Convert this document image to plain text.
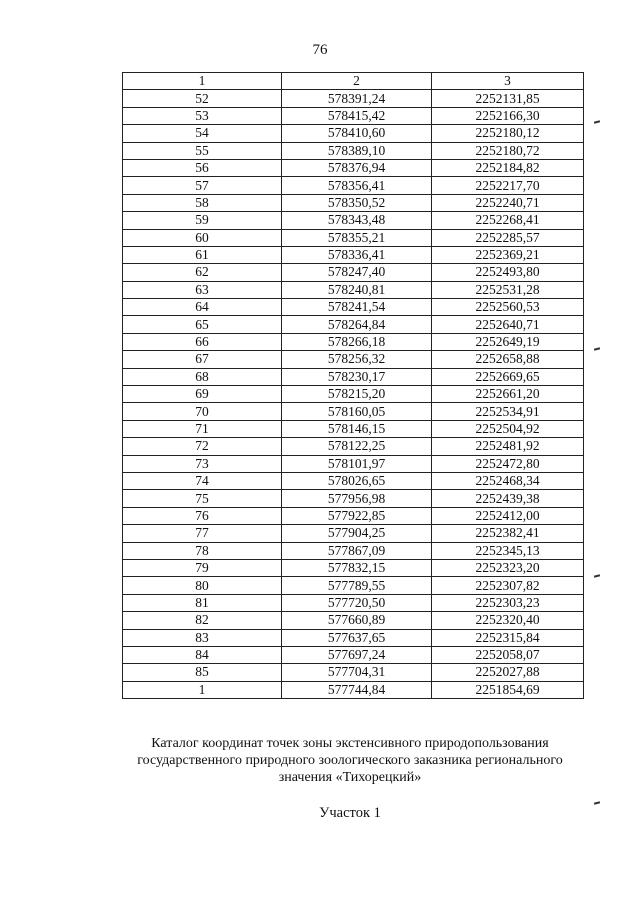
76
1	2	3
52	578391,24	2252131,85
53	578415,42	2252166,30
54	578410,60	2252180,12
55	578389,10	2252180,72
56	578376,94	2252184,82
57	578356,41	2252217,70
58	578350,52	2252240,71
59	578343,48	2252268,41
60	578355,21	2252285,57
61	578336,41	2252369,21
62	578247,40	2252493,80
63	578240,81	2252531,28
64	578241,54	2252560,53
65	578264,84	2252640,71
66	578266,18	2252649,19
67	578256,32	2252658,88
68	578230,17	2252669,65
69	578215,20	2252661,20
70	578160,05	2252534,91
71	578146,15	2252504,92
72	578122,25	2252481,92
73	578101,97	2252472,80
74	578026,65	2252468,34
75	577956,98	2252439,38
76	577922,85	2252412,00
77	577904,25	2252382,41
78	577867,09	2252345,13
79	577832,15	2252323,20
80	577789,55	2252307,82
81	577720,50	2252303,23
82	577660,89	2252320,40
83	577637,65	2252315,84
84	577697,24	2252058,07
85	577704,31	2252027,88
1	577744,84	2251854,69
Каталог координат точек зоны экстенсивного природопользования
государственного природного зоологического заказника регионального
значения «Тихорецкий»
Участок 1
